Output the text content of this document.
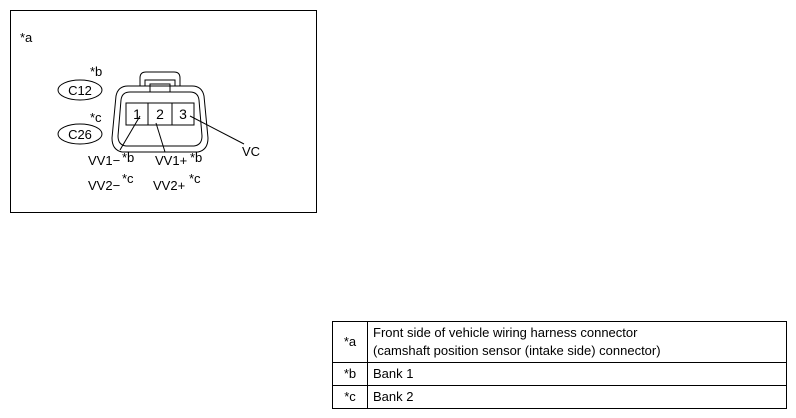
*a
*b
C12
*c
C26
1 2 3
VV1− *b
VV2− *c
VV1+ *b
VV2+ *c
VC
*a	Front side of vehicle wiring harness connector
(camshaft position sensor (intake side) connector)

*b	Bank 1
*c	Bank 2
